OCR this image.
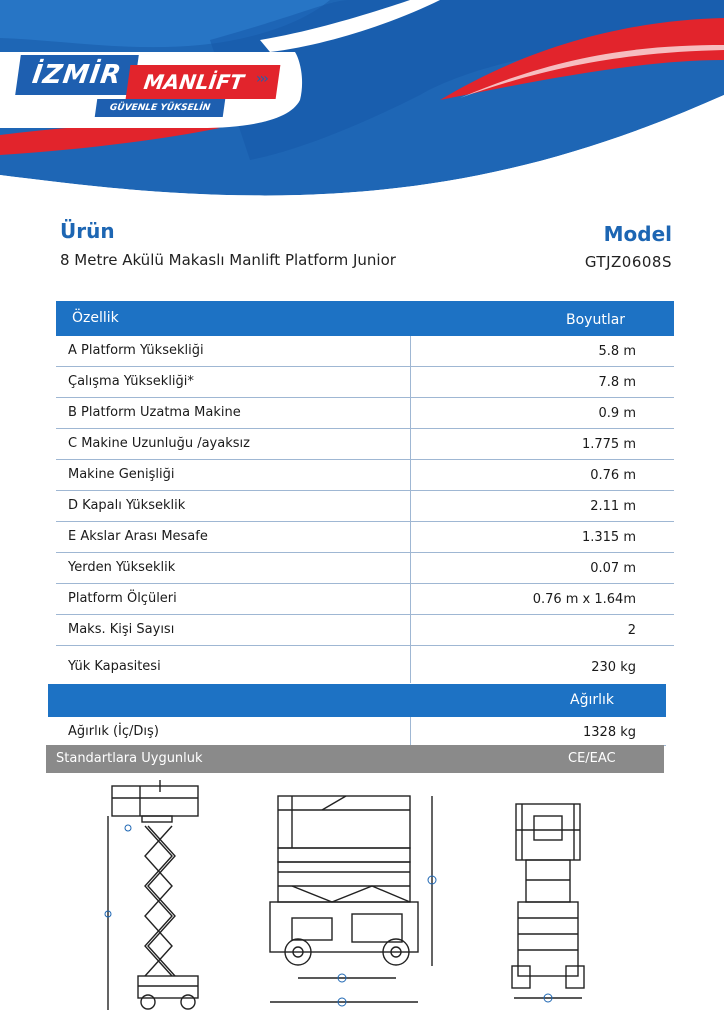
İZMİR MANLİFT ›››
GÜVENLE YÜKSELİN
Ürün
8 Metre Akülü Makaslı Manlift Platform Junior
Model
GTJZ0608S
Özellik	Boyutlar
A Platform Yüksekliği	5.8 m
Çalışma Yüksekliği*	7.8 m
B Platform Uzatma Makine	0.9 m
C Makine Uzunluğu /ayaksız	1.775 m
Makine Genişliği	0.76 m
D Kapalı Yükseklik	2.11 m
E Akslar Arası Mesafe	1.315 m
Yerden Yükseklik	0.07 m
Platform Ölçüleri	0.76 m x 1.64m
Maks. Kişi Sayısı	2
Yük Kapasitesi	230 kg
Ağırlık
Ağırlık (İç/Dış)	1328 kg
Standartlara Uygunluk	CE/EAC
